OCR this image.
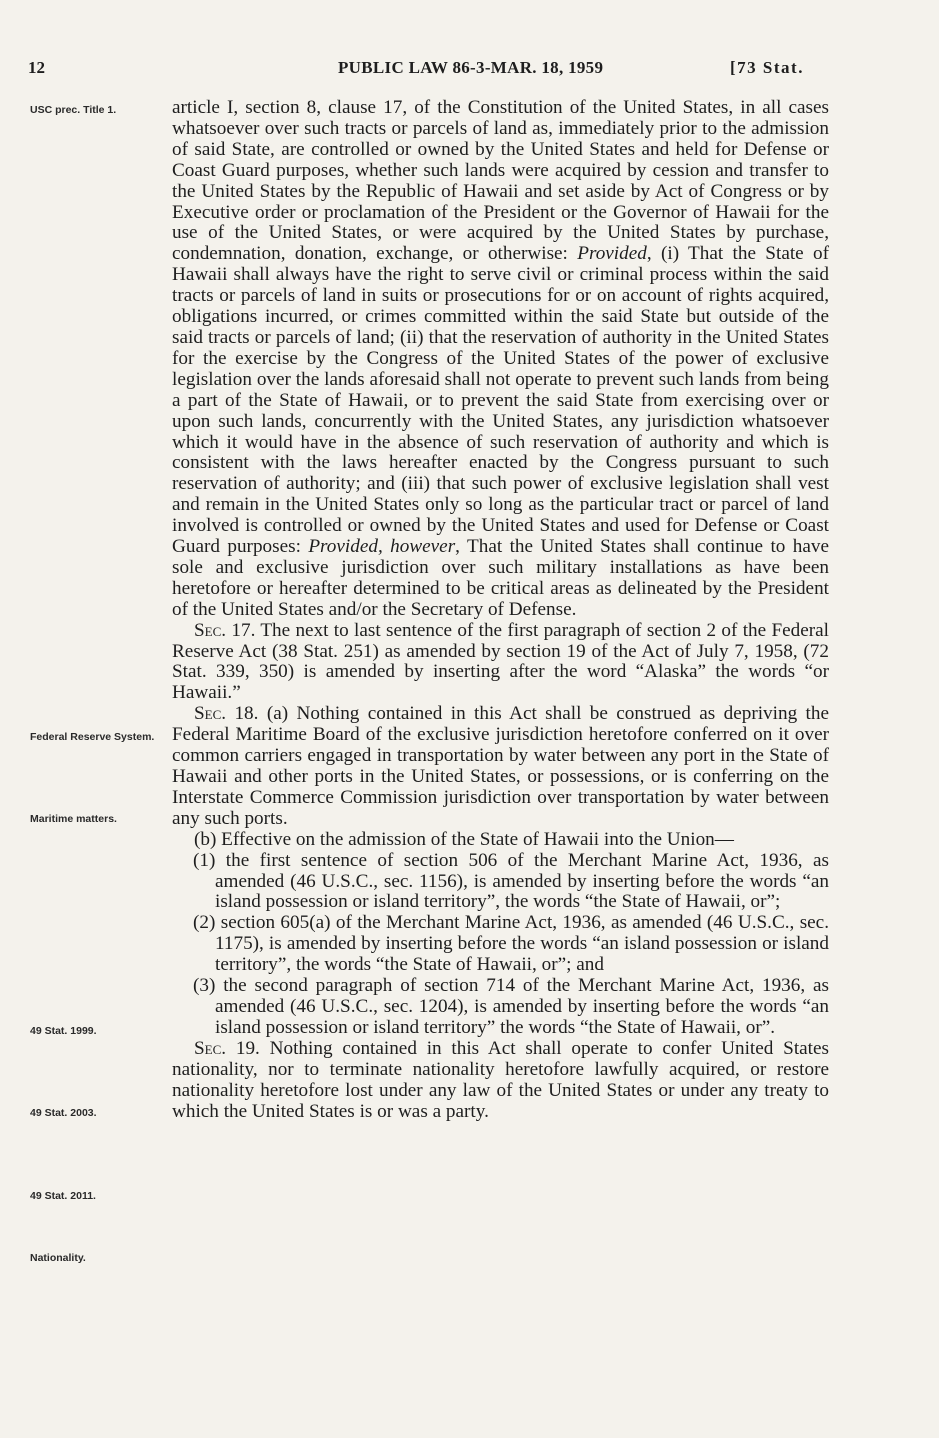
12	PUBLIC LAW 86-3-MAR. 18, 1959	[73 Stat.
USC prec. Title 1.
Federal Reserve System.
Maritime matters.
49 Stat. 1999.
49 Stat. 2003.
49 Stat. 2011.
Nationality.

article I, section 8, clause 17, of the Constitution of the United States, in all cases whatsoever over such tracts or parcels of land as, immediately prior to the admission of said State, are controlled or owned by the United States and held for Defense or Coast Guard purposes, whether such lands were acquired by cession and transfer to the United States by the Republic of Hawaii and set aside by Act of Congress or by Executive order or proclamation of the President or the Governor of Hawaii for the use of the United States, or were acquired by the United States by purchase, condemnation, donation, exchange, or otherwise: Provided, (i) That the State of Hawaii shall always have the right to serve civil or criminal process within the said tracts or parcels of land in suits or prosecutions for or on account of rights acquired, obligations incurred, or crimes committed within the said State but outside of the said tracts or parcels of land; (ii) that the reservation of authority in the United States for the exercise by the Congress of the United States of the power of exclusive legislation over the lands aforesaid shall not operate to prevent such lands from being a part of the State of Hawaii, or to prevent the said State from exercising over or upon such lands, concurrently with the United States, any jurisdiction whatsoever which it would have in the absence of such reservation of authority and which is consistent with the laws hereafter enacted by the Congress pursuant to such reservation of authority; and (iii) that such power of exclusive legislation shall vest and remain in the United States only so long as the particular tract or parcel of land involved is controlled or owned by the United States and used for Defense or Coast Guard purposes: Provided, however, That the United States shall continue to have sole and exclusive jurisdiction over such military installations as have been heretofore or hereafter determined to be critical areas as delineated by the President of the United States and/or the Secretary of Defense.

Sec. 17. The next to last sentence of the first paragraph of section 2 of the Federal Reserve Act (38 Stat. 251) as amended by section 19 of the Act of July 7, 1958, (72 Stat. 339, 350) is amended by inserting after the word “Alaska” the words “or Hawaii.”

Sec. 18. (a) Nothing contained in this Act shall be construed as depriving the Federal Maritime Board of the exclusive jurisdiction heretofore conferred on it over common carriers engaged in transportation by water between any port in the State of Hawaii and other ports in the United States, or possessions, or is conferring on the Interstate Commerce Commission jurisdiction over transportation by water between any such ports.

(b) Effective on the admission of the State of Hawaii into the Union—

(1) the first sentence of section 506 of the Merchant Marine Act, 1936, as amended (46 U.S.C., sec. 1156), is amended by inserting before the words “an island possession or island territory”, the words “the State of Hawaii, or”;

(2) section 605(a) of the Merchant Marine Act, 1936, as amended (46 U.S.C., sec. 1175), is amended by inserting before the words “an island possession or island territory”, the words “the State of Hawaii, or”; and

(3) the second paragraph of section 714 of the Merchant Marine Act, 1936, as amended (46 U.S.C., sec. 1204), is amended by inserting before the words “an island possession or island territory” the words “the State of Hawaii, or”.

Sec. 19. Nothing contained in this Act shall operate to confer United States nationality, nor to terminate nationality heretofore lawfully acquired, or restore nationality heretofore lost under any law of the United States or under any treaty to which the United States is or was a party.
